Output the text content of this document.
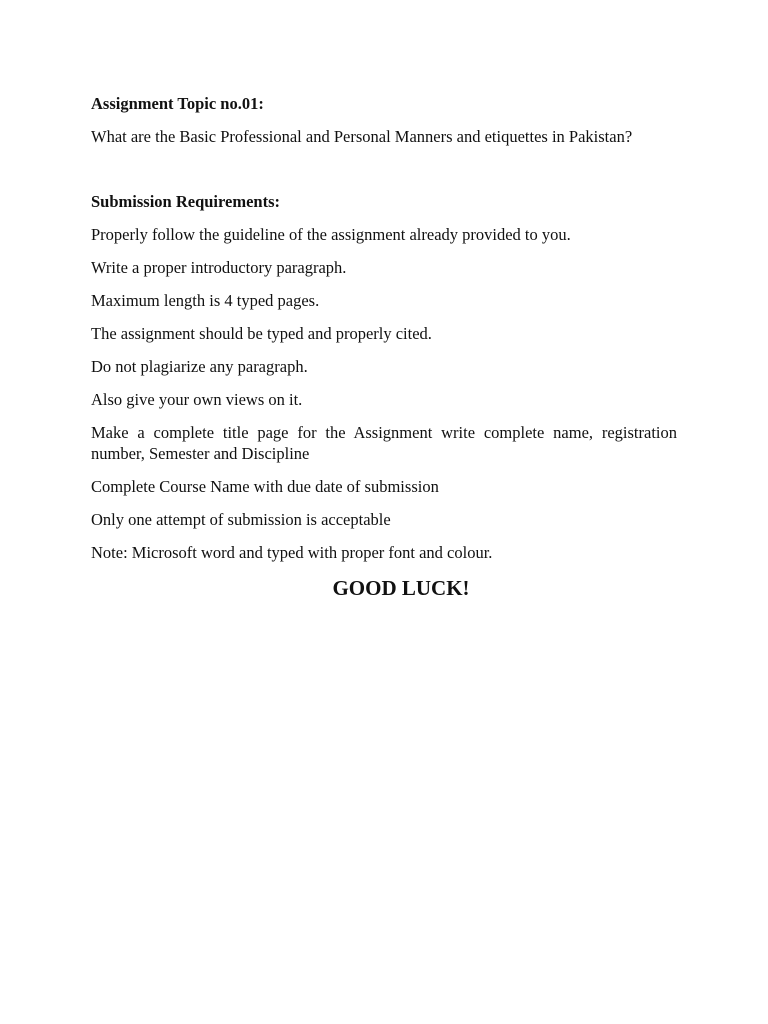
Assignment Topic no.01:

What are the Basic Professional and Personal Manners and etiquettes in Pakistan?

Submission Requirements:

Properly follow the guideline of the assignment already provided to you.

Write a proper introductory paragraph.

Maximum length is 4 typed pages.

The assignment should be typed and properly cited.

Do not plagiarize any paragraph.

Also give your own views on it.

Make a complete title page for the Assignment write complete name, registration number, Semester and Discipline

Complete Course Name with due date of submission

Only one attempt of submission is acceptable

Note: Microsoft word and typed with proper font and colour.

GOOD LUCK!
